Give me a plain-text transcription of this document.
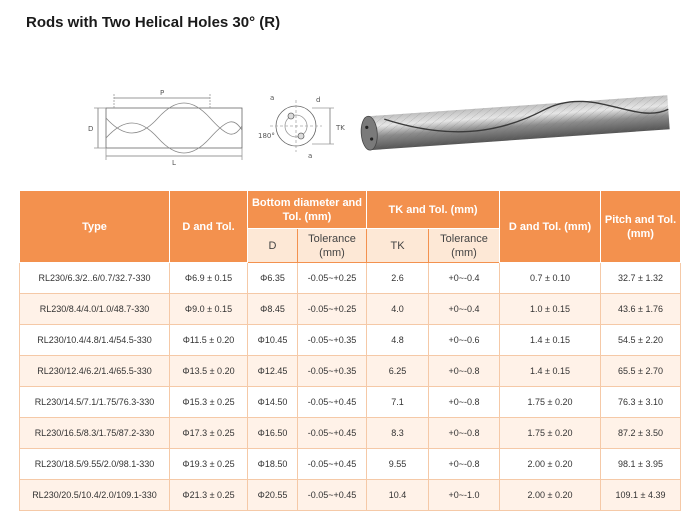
Rods with Two Helical Holes 30° (R)
P
L
D
a	d
TK
180°
a
Type	D and Tol.	Bottom diameter and Tol. (mm)		TK and Tol. (mm)		D and Tol. (mm)	Pitch and Tol. (mm)
		D	Tolerance (mm)	TK	Tolerance (mm)		
RL230/6.3/2..6/0.7/32.7-330	Φ6.9 ± 0.15	Φ6.35	-0.05~+0.25	2.6	+0~-0.4	0.7 ± 0.10	32.7 ± 1.32
RL230/8.4/4.0/1.0/48.7-330	Φ9.0 ± 0.15	Φ8.45	-0.05~+0.25	4.0	+0~-0.4	1.0 ± 0.15	43.6 ± 1.76
RL230/10.4/4.8/1.4/54.5-330	Φ11.5 ± 0.20	Φ10.45	-0.05~+0.35	4.8	+0~-0.6	1.4 ± 0.15	54.5 ± 2.20
RL230/12.4/6.2/1.4/65.5-330	Φ13.5 ± 0.20	Φ12.45	-0.05~+0.35	6.25	+0~-0.8	1.4 ± 0.15	65.5 ± 2.70
RL230/14.5/7.1/1.75/76.3-330	Φ15.3 ± 0.25	Φ14.50	-0.05~+0.45	7.1	+0~-0.8	1.75 ± 0.20	76.3 ± 3.10
RL230/16.5/8.3/1.75/87.2-330	Φ17.3 ± 0.25	Φ16.50	-0.05~+0.45	8.3	+0~-0.8	1.75 ± 0.20	87.2 ± 3.50
RL230/18.5/9.55/2.0/98.1-330	Φ19.3 ± 0.25	Φ18.50	-0.05~+0.45	9.55	+0~-0.8	2.00 ± 0.20	98.1 ± 3.95
RL230/20.5/10.4/2.0/109.1-330	Φ21.3 ± 0.25	Φ20.55	-0.05~+0.45	10.4	+0~-1.0	2.00 ± 0.20	109.1 ± 4.39
